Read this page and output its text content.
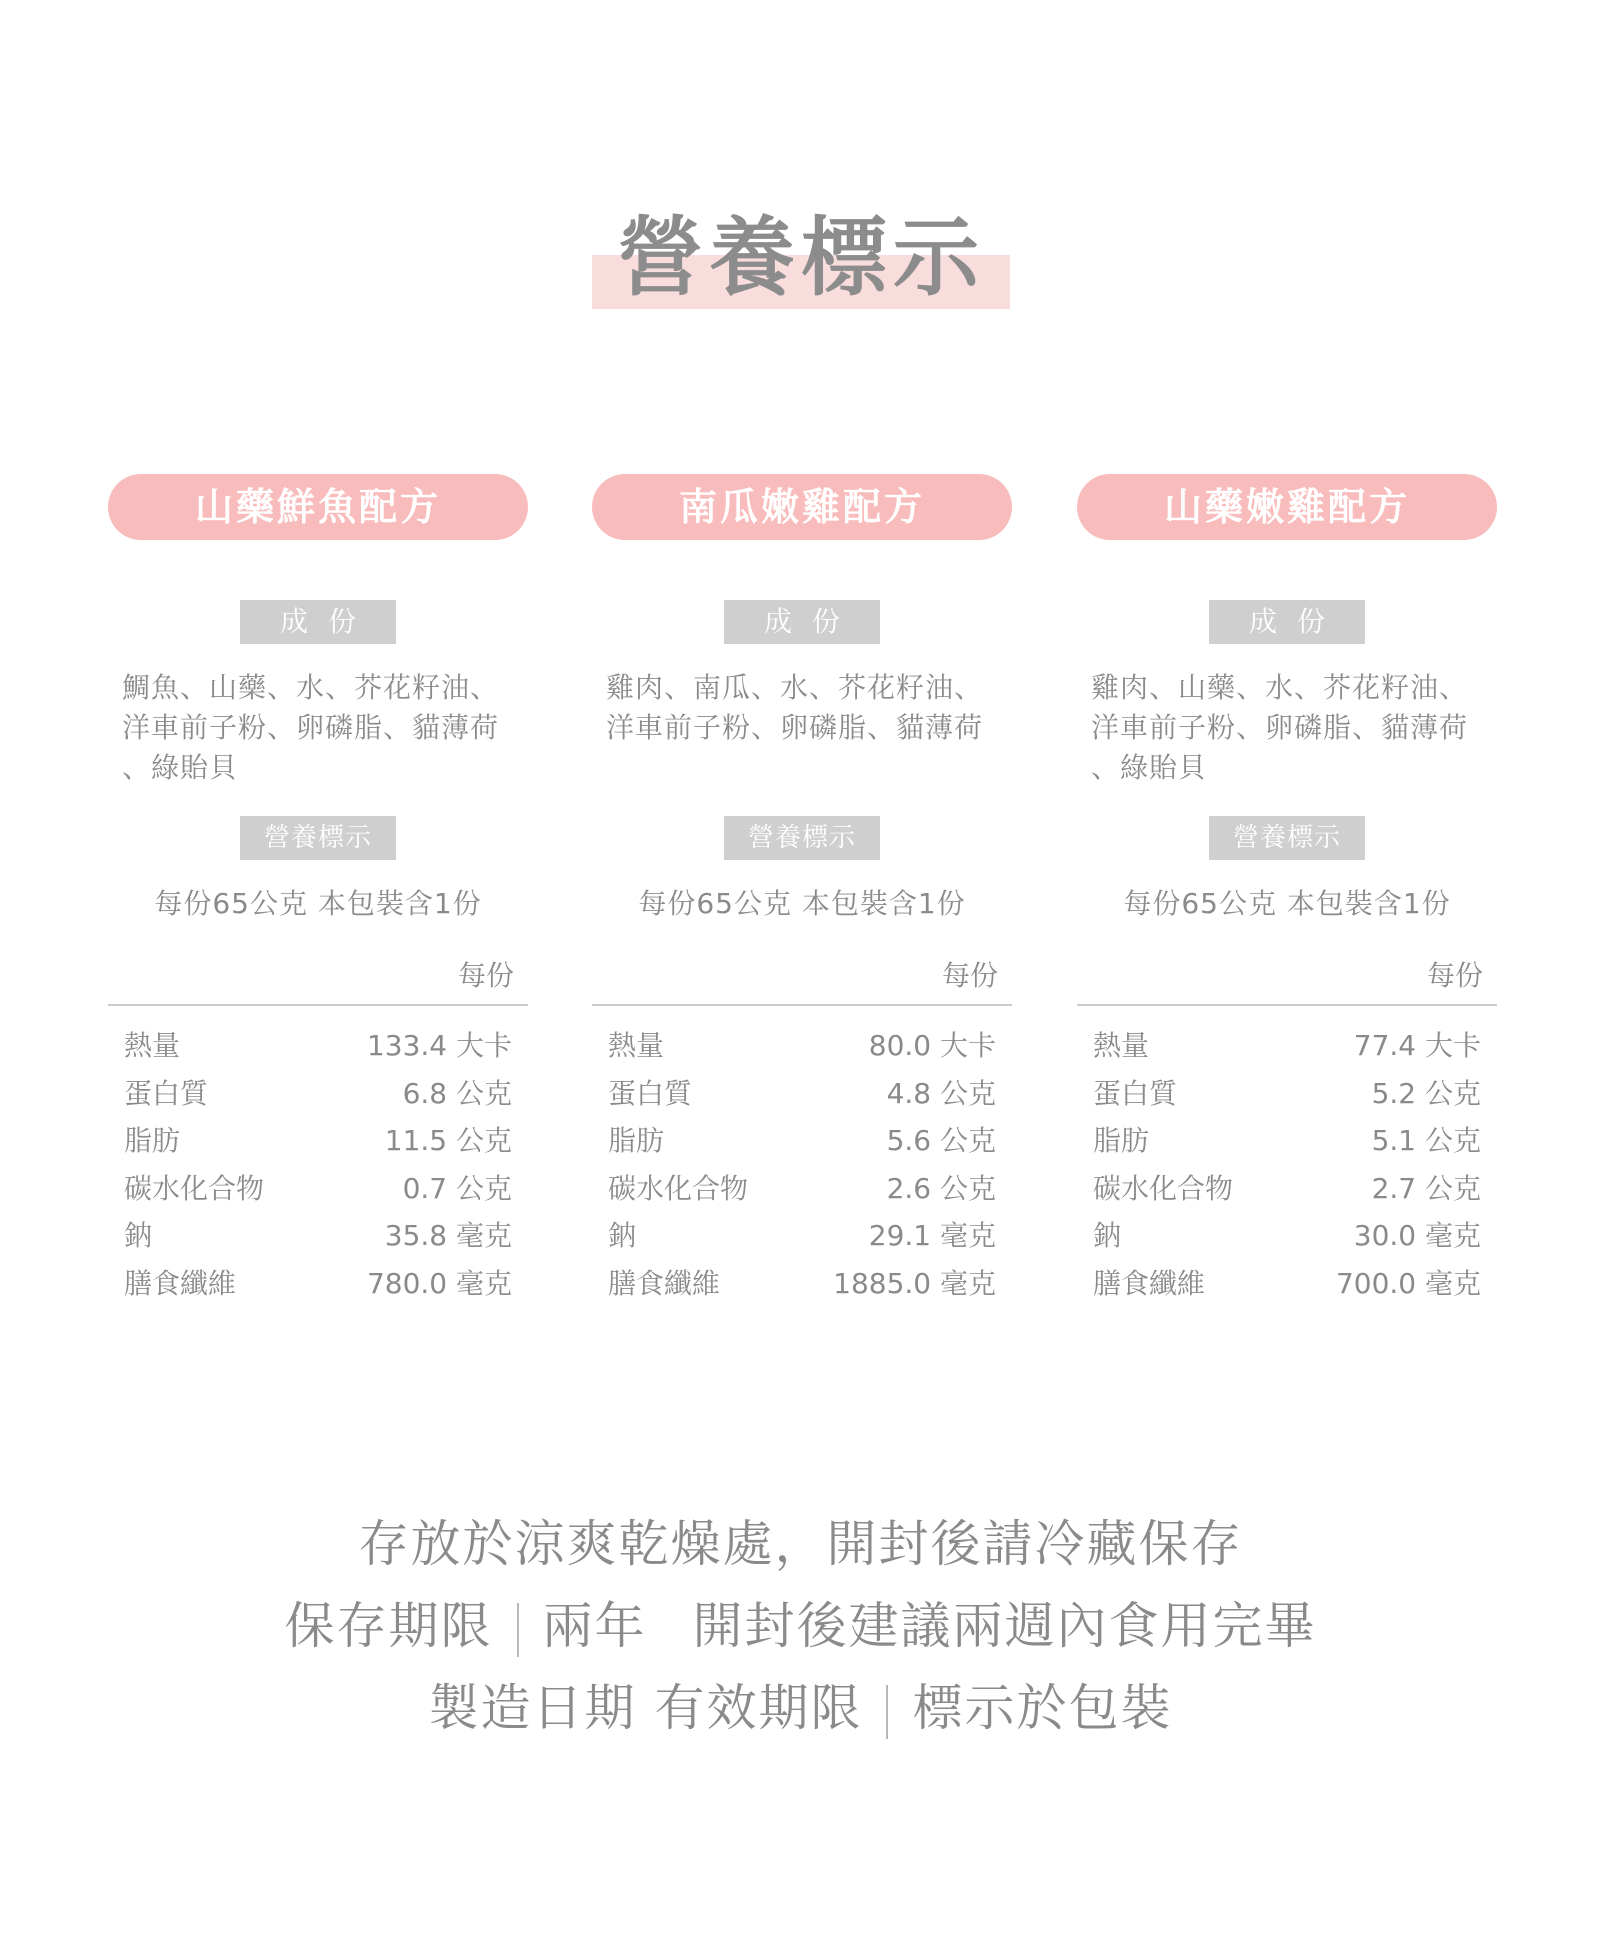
營養標示
山藥鮮魚配方
成份
鯛魚、山藥、水、芥花籽油、
洋車前子粉、卵磷脂、貓薄荷
、綠貽貝
營養標示
每份65公克 本包裝含1份
每份
熱量	133.4 大卡
蛋白質	6.8 公克
脂肪	11.5 公克
碳水化合物	0.7 公克
鈉	35.8 毫克
膳食纖維	780.0 毫克
南瓜嫩雞配方
成份
雞肉、南瓜、水、芥花籽油、
洋車前子粉、卵磷脂、貓薄荷
營養標示
每份65公克 本包裝含1份
每份
熱量	80.0 大卡
蛋白質	4.8 公克
脂肪	5.6 公克
碳水化合物	2.6 公克
鈉	29.1 毫克
膳食纖維	1885.0 毫克
山藥嫩雞配方
成份
雞肉、山藥、水、芥花籽油、
洋車前子粉、卵磷脂、貓薄荷
、綠貽貝
營養標示
每份65公克 本包裝含1份
每份
熱量	77.4 大卡
蛋白質	5.2 公克
脂肪	5.1 公克
碳水化合物	2.7 公克
鈉	30.0 毫克
膳食纖維	700.0 毫克
存放於涼爽乾燥處，開封後請冷藏保存
保存期限 兩年 開封後建議兩週內食用完畢
製造日期 有效期限 標示於包裝
